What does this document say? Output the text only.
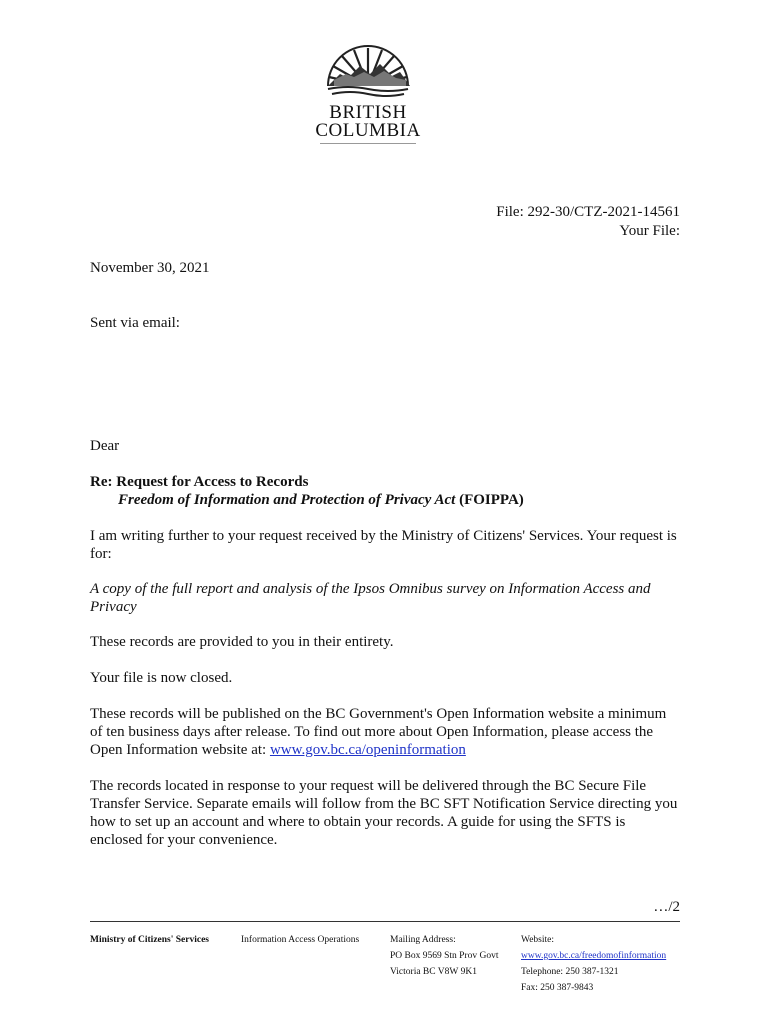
BRITISH
COLUMBIA
File: 292-30/CTZ-2021-14561
Your File:
November 30, 2021
Sent via email:
Dear
Re: Request for Access to Records
Freedom of Information and Protection of Privacy Act (FOIPPA)
I am writing further to your request received by the Ministry of Citizens' Services. Your request is for:
A copy of the full report and analysis of the Ipsos Omnibus survey on Information Access and Privacy
These records are provided to you in their entirety.
Your file is now closed.
These records will be published on the BC Government's Open Information website a minimum of ten business days after release. To find out more about Open Information, please access the Open Information website at: www.gov.bc.ca/openinformation
The records located in response to your request will be delivered through the BC Secure File Transfer Service. Separate emails will follow from the BC SFT Notification Service directing you how to set up an account and where to obtain your records. A guide for using the SFTS is enclosed for your convenience.
…/2
Ministry of Citizens' Services	Information Access Operations	Mailing Address:
PO Box 9569 Stn Prov Govt
Victoria BC V8W 9K1
Website:
www.gov.bc.ca/freedomofinformation
Telephone: 250 387-1321
Fax: 250 387-9843
